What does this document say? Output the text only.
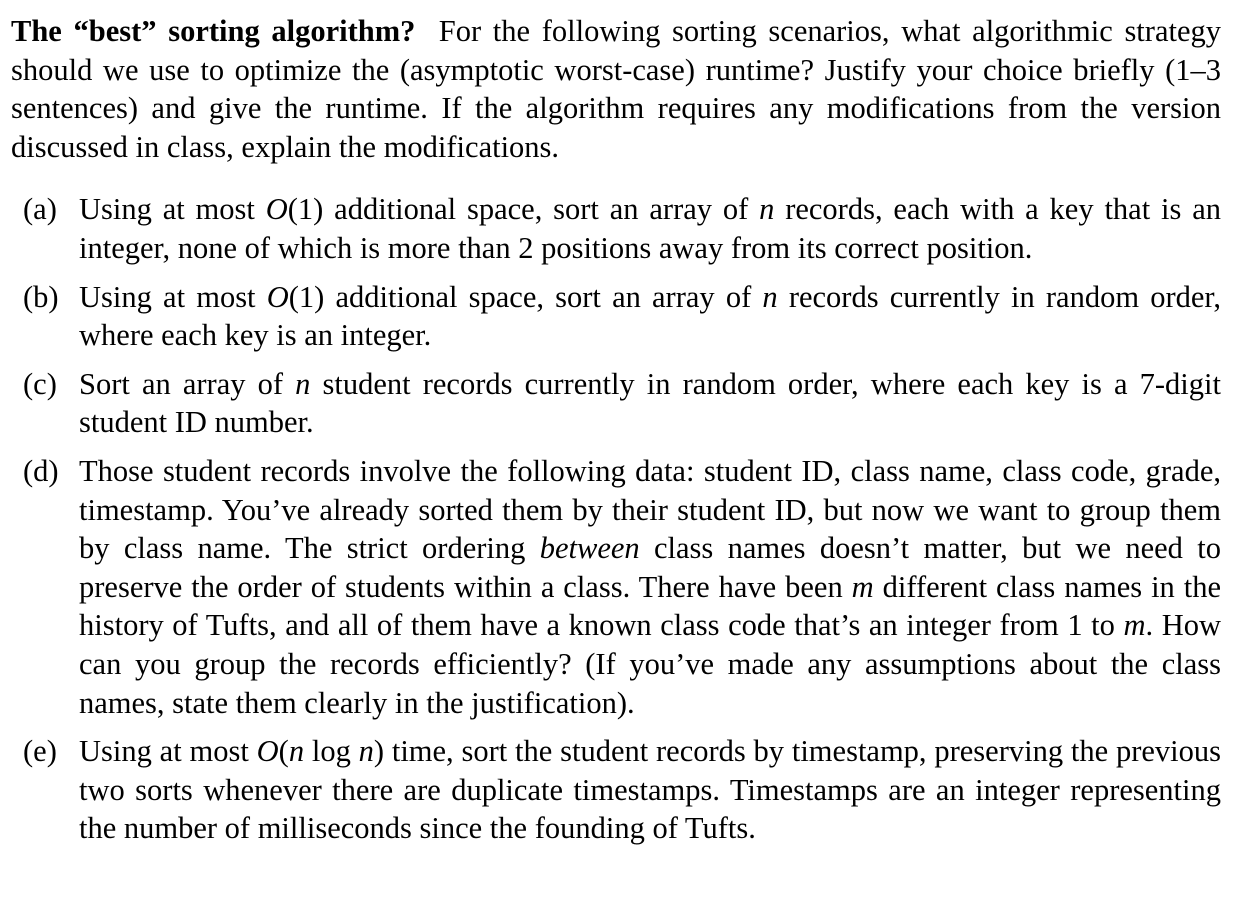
The “best” sorting algorithm? For the following sorting scenarios, what algorithmic strategy should we use to optimize the (asymptotic worst-case) runtime? Justify your choice briefly (1–3 sentences) and give the runtime. If the algorithm requires any modifications from the version discussed in class, explain the modifications.

(a) Using at most O(1) additional space, sort an array of n records, each with a key that is an integer, none of which is more than 2 positions away from its correct position.
(b) Using at most O(1) additional space, sort an array of n records currently in random order, where each key is an integer.
(c) Sort an array of n student records currently in random order, where each key is a 7-digit student ID number.
(d) Those student records involve the following data: student ID, class name, class code, grade, timestamp. You’ve already sorted them by their student ID, but now we want to group them by class name. The strict ordering between class names doesn’t matter, but we need to preserve the order of students within a class. There have been m different class names in the history of Tufts, and all of them have a known class code that’s an integer from 1 to m. How can you group the records efficiently? (If you’ve made any assumptions about the class names, state them clearly in the justification).
(e) Using at most O(n log n) time, sort the student records by timestamp, preserving the previous two sorts whenever there are duplicate timestamps. Timestamps are an integer representing the number of milliseconds since the founding of Tufts.
